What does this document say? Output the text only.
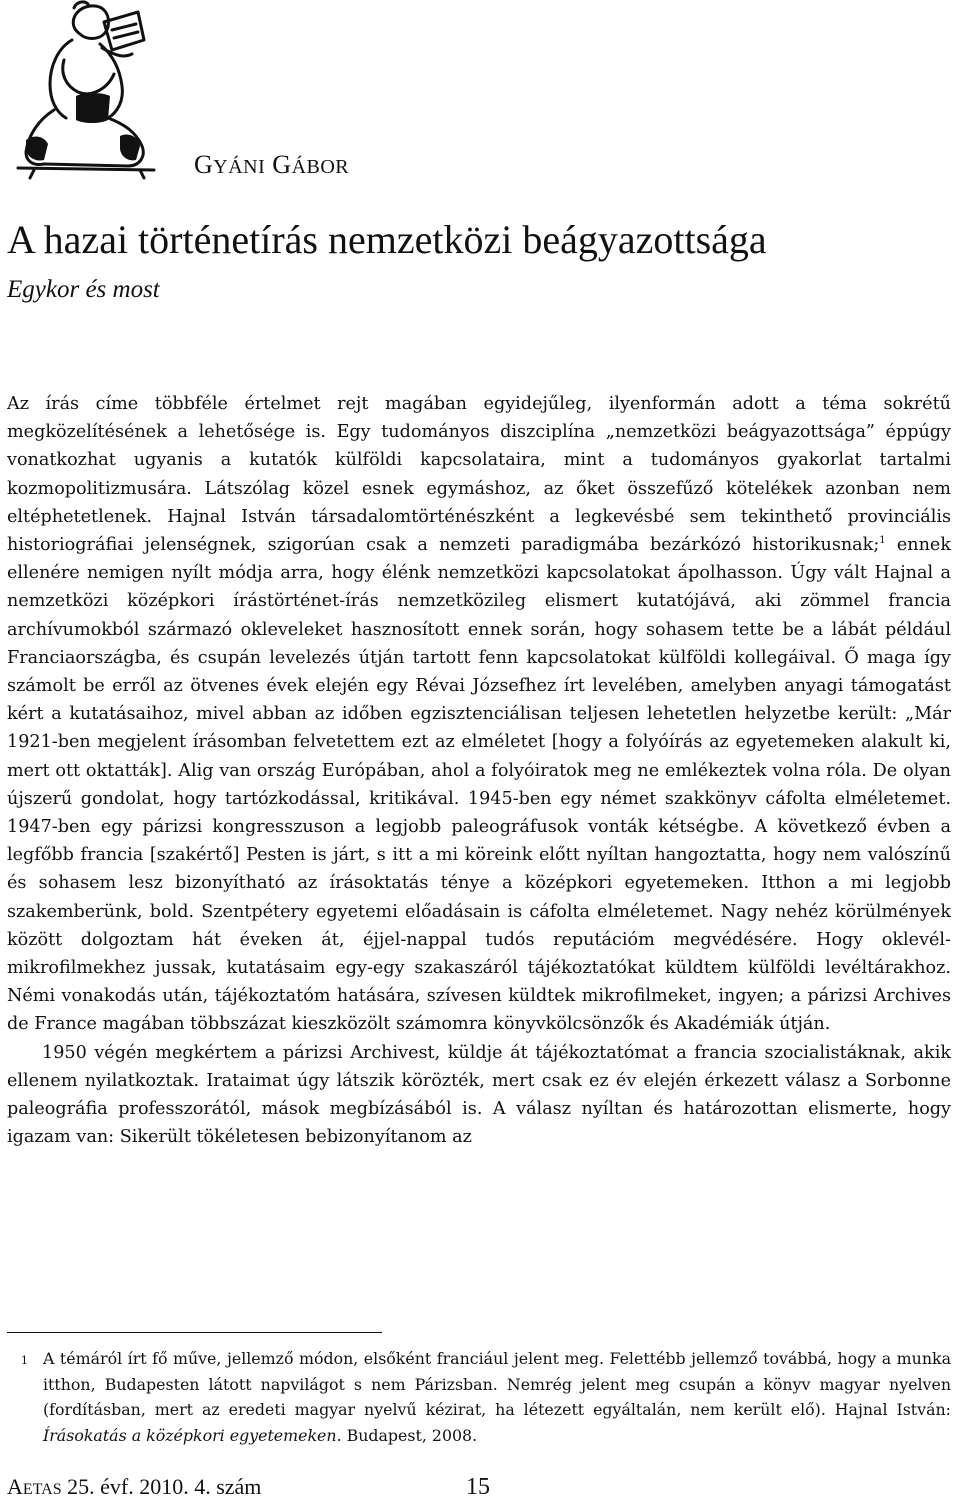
GYÁNI GÁBOR
A hazai történetírás nemzetközi beágyazottsága
Egykor és most

Az írás címe többféle értelmet rejt magában egyidejűleg, ilyenformán adott a téma sokrétű megközelítésének a lehetősége is. Egy tudományos diszciplína „nemzetközi beágyazottsága” éppúgy vonatkozhat ugyanis a kutatók külföldi kapcsolataira, mint a tudományos gyakorlat tartalmi kozmopolitizmusára. Látszólag közel esnek egymáshoz, az őket összefűző kötelékek azonban nem eltéphetetlenek. Hajnal István társadalomtörténészként a legkevésbé sem tekinthető provinciális historiográfiai jelenségnek, szigorúan csak a nemzeti paradigmába bezárkózó historikusnak;$^1$ ennek ellenére nemigen nyílt módja arra, hogy élénk nemzetközi kapcsolatokat ápolhasson. Úgy vált Hajnal a nemzetközi középkori írástörténet-írás nemzetközileg elismert kutatójává, aki zömmel francia archívumokból származó okleveleket hasznosított ennek során, hogy sohasem tette be a lábát például Franciaországba, és csupán levelezés útján tartott fenn kapcsolatokat külföldi kollegáival. Ő maga így számolt be erről az ötvenes évek elején egy Révai Józsefhez írt levelében, amelyben anyagi támogatást kért a kutatásaihoz, mivel abban az időben egzisztenciálisan teljesen lehetetlen helyzetbe került: „Már 1921-ben megjelent írásomban felvetettem ezt az elméletet [hogy a folyóírás az egyetemeken alakult ki, mert ott oktatták]. Alig van ország Európában, ahol a folyóiratok meg ne emlékeztek volna róla. De olyan újszerű gondolat, hogy tartózkodással, kritikával. 1945-ben egy német szakkönyv cáfolta elméletemet. 1947-ben egy párizsi kongresszuson a legjobb paleográfusok vonták kétségbe. A következő évben a legfőbb francia [szakértő] Pesten is járt, s itt a mi köreink előtt nyíltan hangoztatta, hogy nem valószínű és sohasem lesz bizonyítható az írásoktatás ténye a középkori egyetemeken. Itthon a mi legjobb szakemberünk, bold. Szentpétery egyetemi előadásain is cáfolta elméletemet. Nagy nehéz körülmények között dolgoztam hát éveken át, éjjel-nappal tudós reputációm megvédésére. Hogy oklevél-mikrofilmekhez jussak, kutatásaim egy-egy szakaszáról tájékoztatókat küldtem külföldi levéltárakhoz. Némi vonakodás után, tájékoztatóm hatására, szívesen küldtek mikrofilmeket, ingyen; a párizsi Archives de France magában többszázat kieszközölt számomra könyvkölcsönzők és Akadémiák útján.

1950 végén megkértem a párizsi Archivest, küldje át tájékoztatómat a francia szocialistáknak, akik ellenem nyilatkoztak. Irataimat úgy látszik körözték, mert csak ez év elején érkezett válasz a Sorbonne paleográfia professzorától, mások megbízásából is. A válasz nyíltan és határozottan elismerte, hogy igazam van: Sikerült tökéletesen bebizonyítanom az

1 A témáról írt fő műve, jellemző módon, elsőként franciául jelent meg. Felettébb jellemző továbbá, hogy a munka itthon, Budapesten látott napvilágot s nem Párizsban. Nemrég jelent meg csupán a könyv magyar nyelven (fordításban, mert az eredeti magyar nyelvű kézirat, ha létezett egyáltalán, nem került elő). Hajnal István: Írásokatás a középkori egyetemeken. Budapest, 2008.
AETAS 25. évf. 2010. 4. szám	15
